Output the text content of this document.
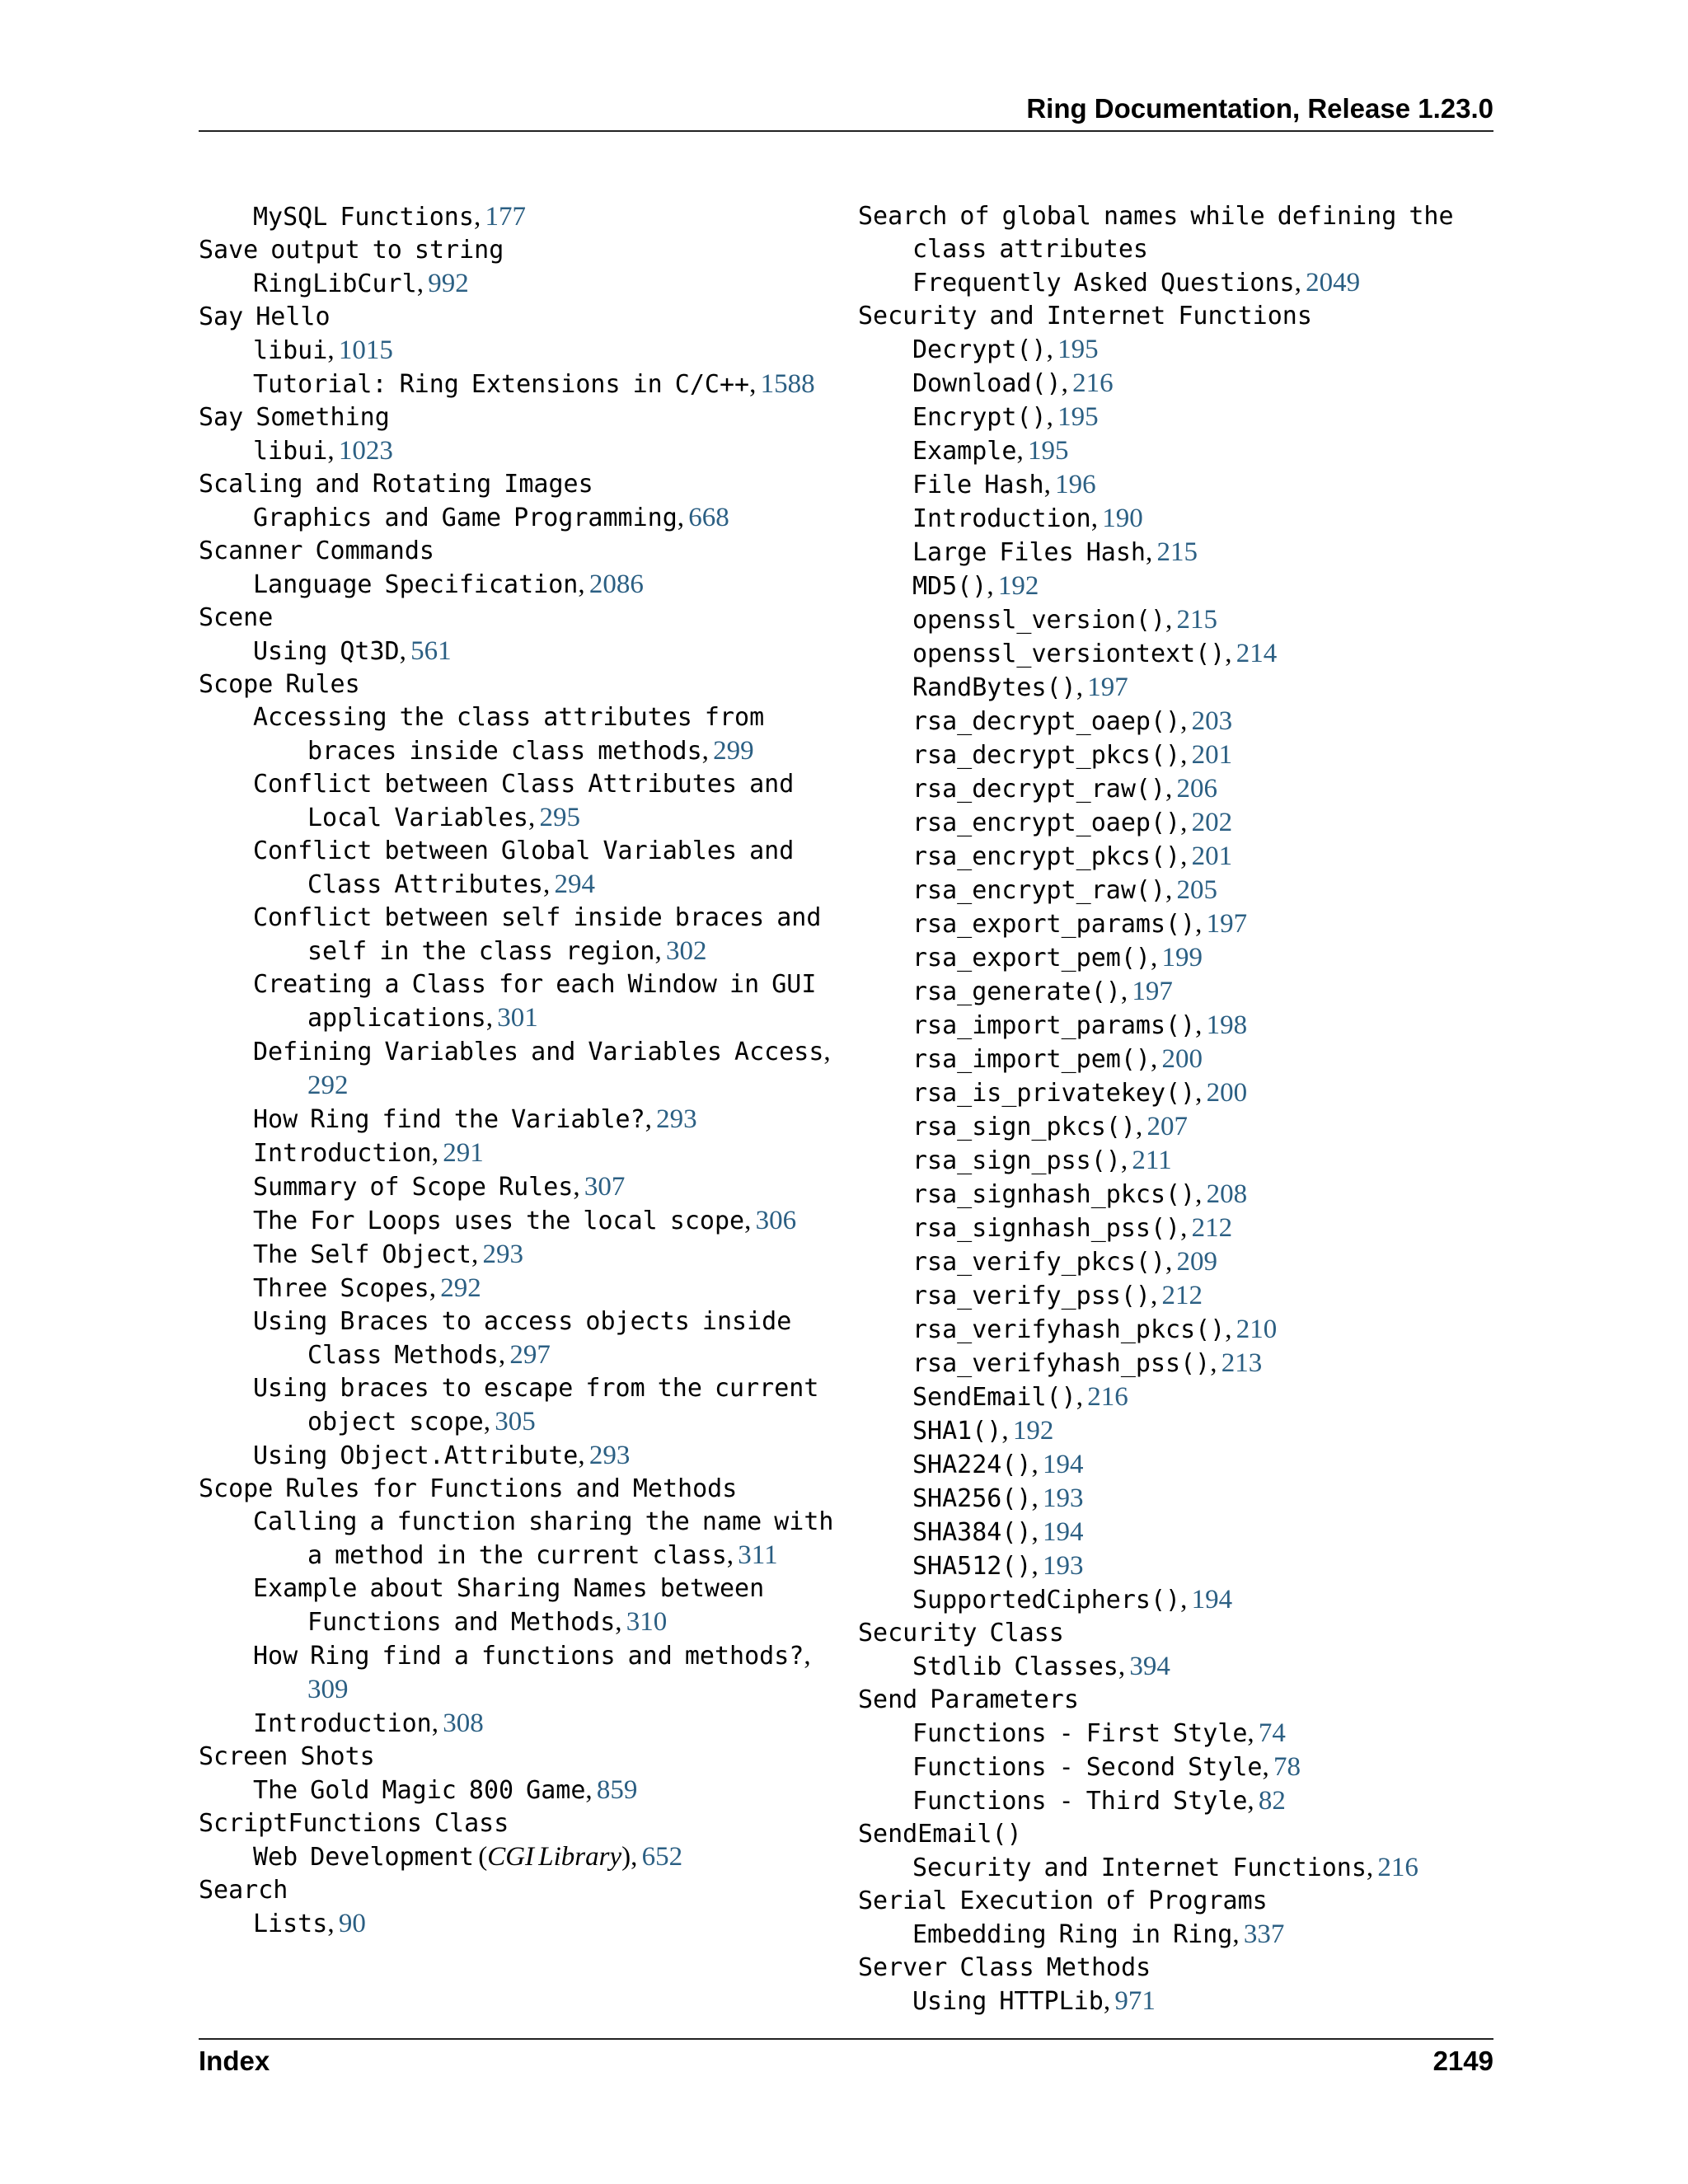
Ring Documentation, Release 1.23.0
MySQL Functions, 177
Save output to string
RingLibCurl, 992
Say Hello
libui, 1015
Tutorial: Ring Extensions in C/C++, 1588
Say Something
libui, 1023
Scaling and Rotating Images
Graphics and Game Programming, 668
Scanner Commands
Language Specification, 2086
Scene
Using Qt3D, 561
Scope Rules
Accessing the class attributes from braces inside class methods, 299
Conflict between Class Attributes and Local Variables, 295
Conflict between Global Variables and Class Attributes, 294
Conflict between self inside braces and self in the class region, 302
Creating a Class for each Window in GUI applications, 301
Defining Variables and Variables Access, 292
How Ring find the Variable?, 293
Introduction, 291
Summary of Scope Rules, 307
The For Loops uses the local scope, 306
The Self Object, 293
Three Scopes, 292
Using Braces to access objects inside Class Methods, 297
Using braces to escape from the current object scope, 305
Using Object.Attribute, 293
Scope Rules for Functions and Methods
Calling a function sharing the name with a method in the current class, 311
Example about Sharing Names between Functions and Methods, 310
How Ring find a functions and methods?, 309
Introduction, 308
Screen Shots
The Gold Magic 800 Game, 859
ScriptFunctions Class
Web Development (CGI Library), 652
Search
Lists, 90
Search of global names while defining the class attributes
Frequently Asked Questions, 2049
Security and Internet Functions
Decrypt(), 195
Download(), 216
Encrypt(), 195
Example, 195
File Hash, 196
Introduction, 190
Large Files Hash, 215
MD5(), 192
openssl_version(), 215
openssl_versiontext(), 214
RandBytes(), 197
rsa_decrypt_oaep(), 203
rsa_decrypt_pkcs(), 201
rsa_decrypt_raw(), 206
rsa_encrypt_oaep(), 202
rsa_encrypt_pkcs(), 201
rsa_encrypt_raw(), 205
rsa_export_params(), 197
rsa_export_pem(), 199
rsa_generate(), 197
rsa_import_params(), 198
rsa_import_pem(), 200
rsa_is_privatekey(), 200
rsa_sign_pkcs(), 207
rsa_sign_pss(), 211
rsa_signhash_pkcs(), 208
rsa_signhash_pss(), 212
rsa_verify_pkcs(), 209
rsa_verify_pss(), 212
rsa_verifyhash_pkcs(), 210
rsa_verifyhash_pss(), 213
SendEmail(), 216
SHA1(), 192
SHA224(), 194
SHA256(), 193
SHA384(), 194
SHA512(), 193
SupportedCiphers(), 194
Security Class
Stdlib Classes, 394
Send Parameters
Functions - First Style, 74
Functions - Second Style, 78
Functions - Third Style, 82
SendEmail()
Security and Internet Functions, 216
Serial Execution of Programs
Embedding Ring in Ring, 337
Server Class Methods
Using HTTPLib, 971
Index	2149
